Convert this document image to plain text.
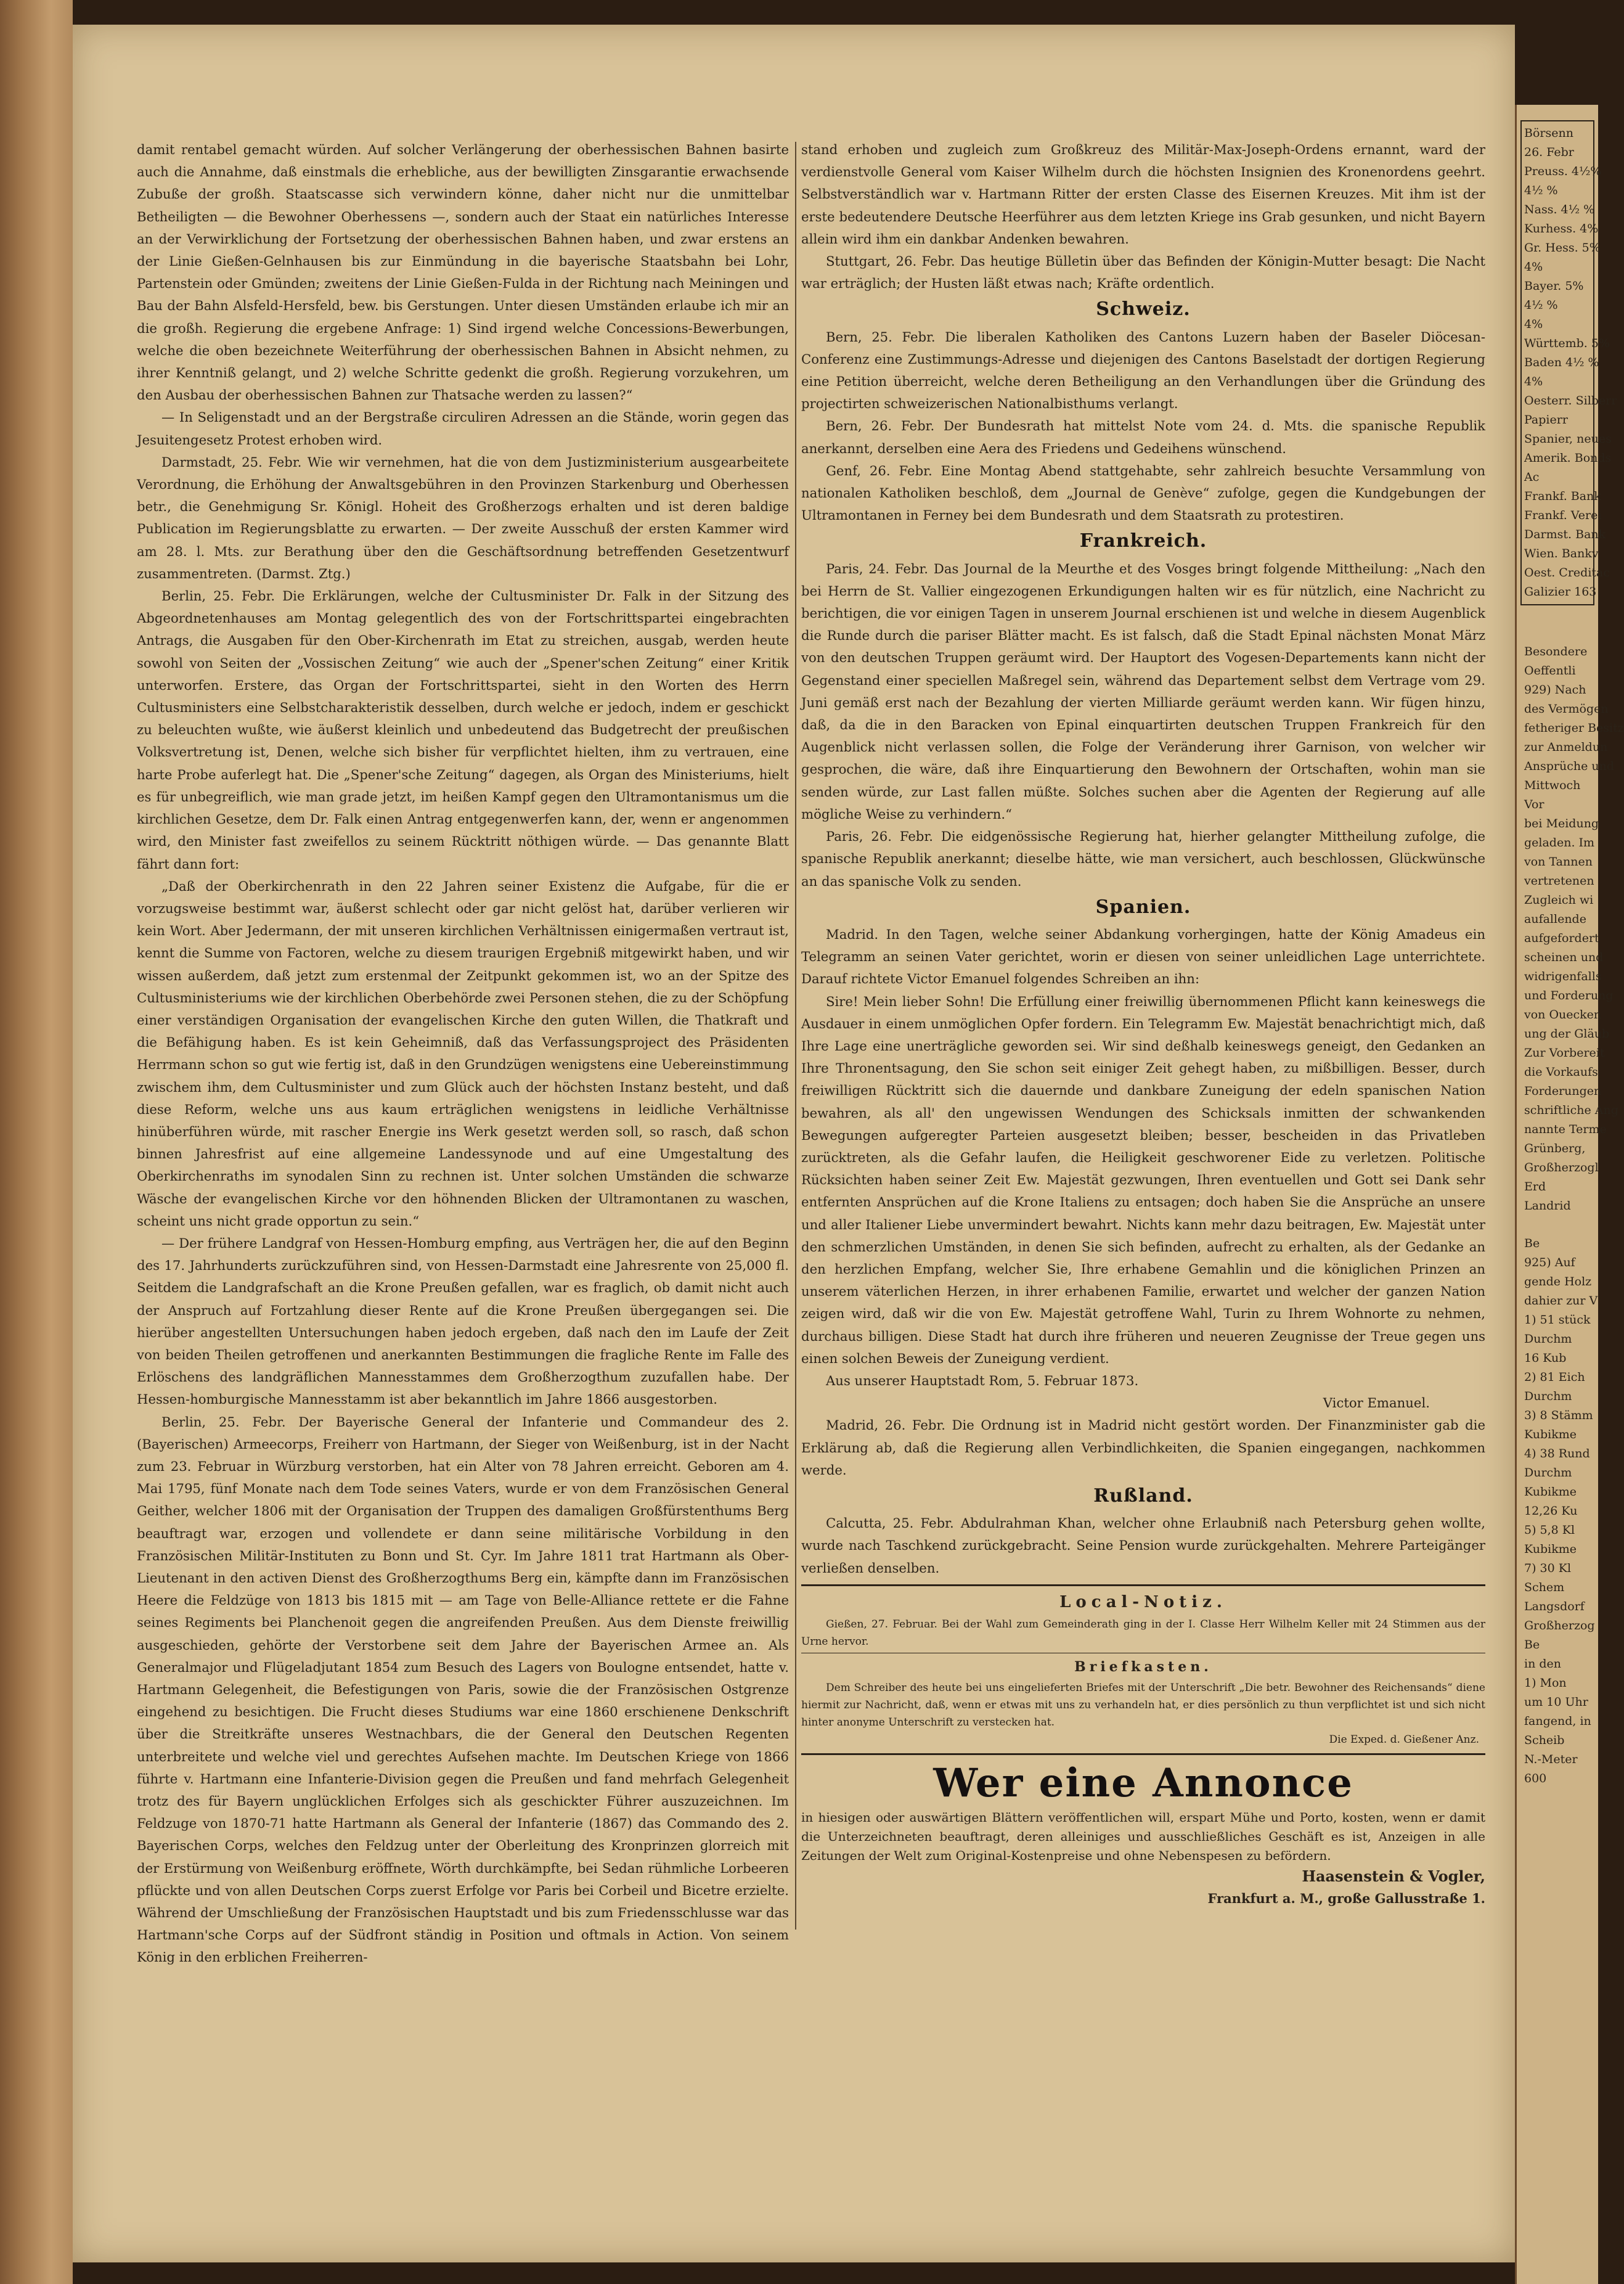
damit rentabel gemacht würden. Auf solcher Verlängerung der oberhessischen Bahnen basirte auch die Annahme, daß einstmals die erhebliche, aus der bewilligten Zinsgarantie erwachsende Zubuße der großh. Staatscasse sich verwindern könne, daher nicht nur die unmittelbar Betheiligten — die Bewohner Oberhessens —, sondern auch der Staat ein natürliches Interesse an der Verwirklichung der Fortsetzung der oberhessischen Bahnen haben, und zwar erstens an der Linie Gießen-Gelnhausen bis zur Einmündung in die bayerische Staatsbahn bei Lohr, Partenstein oder Gmünden; zweitens der Linie Gießen-Fulda in der Richtung nach Meiningen und Bau der Bahn Alsfeld-Hersfeld, bew. bis Gerstungen. Unter diesen Umständen erlaube ich mir an die großh. Regierung die ergebene Anfrage: 1) Sind irgend welche Concessions-Bewerbungen, welche die oben bezeichnete Weiterführung der oberhessischen Bahnen in Absicht nehmen, zu ihrer Kenntniß gelangt, und 2) welche Schritte gedenkt die großh. Regierung vorzukehren, um den Ausbau der oberhessischen Bahnen zur Thatsache werden zu lassen?“

— In Seligenstadt und an der Bergstraße circuliren Adressen an die Stände, worin gegen das Jesuitengesetz Protest erhoben wird.

Darmstadt, 25. Febr. Wie wir vernehmen, hat die von dem Justizministerium ausgearbeitete Verordnung, die Erhöhung der Anwaltsgebühren in den Provinzen Starkenburg und Oberhessen betr., die Genehmigung Sr. Königl. Hoheit des Großherzogs erhalten und ist deren baldige Publication im Regierungsblatte zu erwarten. — Der zweite Ausschuß der ersten Kammer wird am 28. l. Mts. zur Berathung über den die Geschäftsordnung betreffenden Gesetzentwurf zusammentreten. (Darmst. Ztg.)

Berlin, 25. Febr. Die Erklärungen, welche der Cultusminister Dr. Falk in der Sitzung des Abgeordnetenhauses am Montag gelegentlich des von der Fortschrittspartei eingebrachten Antrags, die Ausgaben für den Ober-Kirchenrath im Etat zu streichen, ausgab, werden heute sowohl von Seiten der „Vossischen Zeitung“ wie auch der „Spener'schen Zeitung“ einer Kritik unterworfen. Erstere, das Organ der Fortschrittspartei, sieht in den Worten des Herrn Cultusministers eine Selbstcharakteristik desselben, durch welche er jedoch, indem er geschickt zu beleuchten wußte, wie äußerst kleinlich und unbedeutend das Budgetrecht der preußischen Volksvertretung ist, Denen, welche sich bisher für verpflichtet hielten, ihm zu vertrauen, eine harte Probe auferlegt hat. Die „Spener'sche Zeitung“ dagegen, als Organ des Ministeriums, hielt es für unbegreiflich, wie man grade jetzt, im heißen Kampf gegen den Ultramontanismus um die kirchlichen Gesetze, dem Dr. Falk einen Antrag entgegenwerfen kann, der, wenn er angenommen wird, den Minister fast zweifellos zu seinem Rücktritt nöthigen würde. — Das genannte Blatt fährt dann fort:

„Daß der Oberkirchenrath in den 22 Jahren seiner Existenz die Aufgabe, für die er vorzugsweise bestimmt war, äußerst schlecht oder gar nicht gelöst hat, darüber verlieren wir kein Wort. Aber Jedermann, der mit unseren kirchlichen Verhältnissen einigermaßen vertraut ist, kennt die Summe von Factoren, welche zu diesem traurigen Ergebniß mitgewirkt haben, und wir wissen außerdem, daß jetzt zum erstenmal der Zeitpunkt gekommen ist, wo an der Spitze des Cultusministeriums wie der kirchlichen Oberbehörde zwei Personen stehen, die zu der Schöpfung einer verständigen Organisation der evangelischen Kirche den guten Willen, die Thatkraft und die Befähigung haben. Es ist kein Geheimniß, daß das Verfassungsproject des Präsidenten Herrmann schon so gut wie fertig ist, daß in den Grundzügen wenigstens eine Uebereinstimmung zwischem ihm, dem Cultusminister und zum Glück auch der höchsten Instanz besteht, und daß diese Reform, welche uns aus kaum erträglichen wenigstens in leidliche Verhältnisse hinüberführen würde, mit rascher Energie ins Werk gesetzt werden soll, so rasch, daß schon binnen Jahresfrist auf eine allgemeine Landessynode und auf eine Umgestaltung des Oberkirchenraths im synodalen Sinn zu rechnen ist. Unter solchen Umständen die schwarze Wäsche der evangelischen Kirche vor den höhnenden Blicken der Ultramontanen zu waschen, scheint uns nicht grade opportun zu sein.“

— Der frühere Landgraf von Hessen-Homburg empfing, aus Verträgen her, die auf den Beginn des 17. Jahrhunderts zurückzuführen sind, von Hessen-Darmstadt eine Jahresrente von 25,000 fl. Seitdem die Landgrafschaft an die Krone Preußen gefallen, war es fraglich, ob damit nicht auch der Anspruch auf Fortzahlung dieser Rente auf die Krone Preußen übergegangen sei. Die hierüber angestellten Untersuchungen haben jedoch ergeben, daß nach den im Laufe der Zeit von beiden Theilen getroffenen und anerkannten Bestimmungen die fragliche Rente im Falle des Erlöschens des landgräflichen Mannesstammes dem Großherzogthum zuzufallen habe. Der Hessen-homburgische Mannesstamm ist aber bekanntlich im Jahre 1866 ausgestorben.

Berlin, 25. Febr. Der Bayerische General der Infanterie und Commandeur des 2. (Bayerischen) Armeecorps, Freiherr von Hartmann, der Sieger von Weißenburg, ist in der Nacht zum 23. Februar in Würzburg verstorben, hat ein Alter von 78 Jahren erreicht. Geboren am 4. Mai 1795, fünf Monate nach dem Tode seines Vaters, wurde er von dem Französischen General Geither, welcher 1806 mit der Organisation der Truppen des damaligen Großfürstenthums Berg beauftragt war, erzogen und vollendete er dann seine militärische Vorbildung in den Französischen Militär-Instituten zu Bonn und St. Cyr. Im Jahre 1811 trat Hartmann als Ober-Lieutenant in den activen Dienst des Großherzogthums Berg ein, kämpfte dann im Französischen Heere die Feldzüge von 1813 bis 1815 mit — am Tage von Belle-Alliance rettete er die Fahne seines Regiments bei Planchenoit gegen die angreifenden Preußen. Aus dem Dienste freiwillig ausgeschieden, gehörte der Verstorbene seit dem Jahre der Bayerischen Armee an. Als Generalmajor und Flügeladjutant 1854 zum Besuch des Lagers von Boulogne entsendet, hatte v. Hartmann Gelegenheit, die Befestigungen von Paris, sowie die der Französischen Ostgrenze eingehend zu besichtigen. Die Frucht dieses Studiums war eine 1860 erschienene Denkschrift über die Streitkräfte unseres Westnachbars, die der General den Deutschen Regenten unterbreitete und welche viel und gerechtes Aufsehen machte. Im Deutschen Kriege von 1866 führte v. Hartmann eine Infanterie-Division gegen die Preußen und fand mehrfach Gelegenheit trotz des für Bayern unglücklichen Erfolges sich als geschickter Führer auszuzeichnen. Im Feldzuge von 1870-71 hatte Hartmann als General der Infanterie (1867) das Commando des 2. Bayerischen Corps, welches den Feldzug unter der Oberleitung des Kronprinzen glorreich mit der Erstürmung von Weißenburg eröffnete, Wörth durchkämpfte, bei Sedan rühmliche Lorbeeren pflückte und von allen Deutschen Corps zuerst Erfolge vor Paris bei Corbeil und Bicetre erzielte. Während der Umschließung der Französischen Hauptstadt und bis zum Friedensschlusse war das Hartmann'sche Corps auf der Südfront ständig in Position und oftmals in Action. Von seinem König in den erblichen Freiherren-

stand erhoben und zugleich zum Großkreuz des Militär-Max-Joseph-Ordens ernannt, ward der verdienstvolle General vom Kaiser Wilhelm durch die höchsten Insignien des Kronenordens geehrt. Selbstverständlich war v. Hartmann Ritter der ersten Classe des Eisernen Kreuzes. Mit ihm ist der erste bedeutendere Deutsche Heerführer aus dem letzten Kriege ins Grab gesunken, und nicht Bayern allein wird ihm ein dankbar Andenken bewahren.

Stuttgart, 26. Febr. Das heutige Bülletin über das Befinden der Königin-Mutter besagt: Die Nacht war erträglich; der Husten läßt etwas nach; Kräfte ordentlich.

Schweiz.

Bern, 25. Febr. Die liberalen Katholiken des Cantons Luzern haben der Baseler Diöcesan-Conferenz eine Zustimmungs-Adresse und diejenigen des Cantons Baselstadt der dortigen Regierung eine Petition überreicht, welche deren Betheiligung an den Verhandlungen über die Gründung des projectirten schweizerischen Nationalbisthums verlangt.

Bern, 26. Febr. Der Bundesrath hat mittelst Note vom 24. d. Mts. die spanische Republik anerkannt, derselben eine Aera des Friedens und Gedeihens wünschend.

Genf, 26. Febr. Eine Montag Abend stattgehabte, sehr zahlreich besuchte Versammlung von nationalen Katholiken beschloß, dem „Journal de Genève“ zufolge, gegen die Kundgebungen der Ultramontanen in Ferney bei dem Bundesrath und dem Staatsrath zu protestiren.

Frankreich.

Paris, 24. Febr. Das Journal de la Meurthe et des Vosges bringt folgende Mittheilung: „Nach den bei Herrn de St. Vallier eingezogenen Erkundigungen halten wir es für nützlich, eine Nachricht zu berichtigen, die vor einigen Tagen in unserem Journal erschienen ist und welche in diesem Augenblick die Runde durch die pariser Blätter macht. Es ist falsch, daß die Stadt Epinal nächsten Monat März von den deutschen Truppen geräumt wird. Der Hauptort des Vogesen-Departements kann nicht der Gegenstand einer speciellen Maßregel sein, während das Departement selbst dem Vertrage vom 29. Juni gemäß erst nach der Bezahlung der vierten Milliarde geräumt werden kann. Wir fügen hinzu, daß, da die in den Baracken von Epinal einquartirten deutschen Truppen Frankreich für den Augenblick nicht verlassen sollen, die Folge der Veränderung ihrer Garnison, von welcher wir gesprochen, die wäre, daß ihre Einquartierung den Bewohnern der Ortschaften, wohin man sie senden würde, zur Last fallen müßte. Solches suchen aber die Agenten der Regierung auf alle mögliche Weise zu verhindern.“

Paris, 26. Febr. Die eidgenössische Regierung hat, hierher gelangter Mittheilung zufolge, die spanische Republik anerkannt; dieselbe hätte, wie man versichert, auch beschlossen, Glückwünsche an das spanische Volk zu senden.

Spanien.

Madrid. In den Tagen, welche seiner Abdankung vorhergingen, hatte der König Amadeus ein Telegramm an seinen Vater gerichtet, worin er diesen von seiner unleidlichen Lage unterrichtete. Darauf richtete Victor Emanuel folgendes Schreiben an ihn:

Sire! Mein lieber Sohn! Die Erfüllung einer freiwillig übernommenen Pflicht kann keineswegs die Ausdauer in einem unmöglichen Opfer fordern. Ein Telegramm Ew. Majestät benachrichtigt mich, daß Ihre Lage eine unerträgliche geworden sei. Wir sind deßhalb keineswegs geneigt, den Gedanken an Ihre Thronentsagung, den Sie schon seit einiger Zeit gehegt haben, zu mißbilligen. Besser, durch freiwilligen Rücktritt sich die dauernde und dankbare Zuneigung der edeln spanischen Nation bewahren, als all' den ungewissen Wendungen des Schicksals inmitten der schwankenden Bewegungen aufgeregter Parteien ausgesetzt bleiben; besser, bescheiden in das Privatleben zurücktreten, als die Gefahr laufen, die Heiligkeit geschworener Eide zu verletzen. Politische Rücksichten haben seiner Zeit Ew. Majestät gezwungen, Ihren eventuellen und Gott sei Dank sehr entfernten Ansprüchen auf die Krone Italiens zu entsagen; doch haben Sie die Ansprüche an unsere und aller Italiener Liebe unvermindert bewahrt. Nichts kann mehr dazu beitragen, Ew. Majestät unter den schmerzlichen Umständen, in denen Sie sich befinden, aufrecht zu erhalten, als der Gedanke an den herzlichen Empfang, welcher Sie, Ihre erhabene Gemahlin und die königlichen Prinzen an unserem väterlichen Herzen, in ihrer erhabenen Familie, erwartet und welcher der ganzen Nation zeigen wird, daß wir die von Ew. Majestät getroffene Wahl, Turin zu Ihrem Wohnorte zu nehmen, durchaus billigen. Diese Stadt hat durch ihre früheren und neueren Zeugnisse der Treue gegen uns einen solchen Beweis der Zuneigung verdient.

Aus unserer Hauptstadt Rom, 5. Februar 1873.

Victor Emanuel.

Madrid, 26. Febr. Die Ordnung ist in Madrid nicht gestört worden. Der Finanzminister gab die Erklärung ab, daß die Regierung allen Verbindlichkeiten, die Spanien eingegangen, nachkommen werde.

Rußland.

Calcutta, 25. Febr. Abdulrahman Khan, welcher ohne Erlaubniß nach Petersburg gehen wollte, wurde nach Taschkend zurückgebracht. Seine Pension wurde zurückgehalten. Mehrere Parteigänger verließen denselben.

Local-Notiz.

Gießen, 27. Februar. Bei der Wahl zum Gemeinderath ging in der I. Classe Herr Wilhelm Keller mit 24 Stimmen aus der Urne hervor.

Briefkasten.

Dem Schreiber des heute bei uns eingelieferten Briefes mit der Unterschrift „Die betr. Bewohner des Reichensands“ diene hiermit zur Nachricht, daß, wenn er etwas mit uns zu verhandeln hat, er dies persönlich zu thun verpflichtet ist und sich nicht hinter anonyme Unterschrift zu verstecken hat.

Die Exped. d. Gießener Anz.

Wer eine Annonce

in hiesigen oder auswärtigen Blättern veröffentlichen will, erspart Mühe und Porto, kosten, wenn er damit die Unterzeichneten beauftragt, deren alleiniges und ausschließliches Geschäft es ist, Anzeigen in alle Zeitungen der Welt zum Original-Kostenpreise und ohne Nebenspesen zu befördern.

Haasenstein & Vogler,

Frankfurt a. M., große Gallusstraße 1.

Börsenn

26. Febr

Preuss. 4½%

4½ %

Nass. 4½ %

Kurhess. 4%

Gr. Hess. 5%

4%

Bayer. 5%

4½ %

4%

Württemb. 5%

Baden 4½ %

4%

Oesterr. Silberr

Papierr

Spanier, neues

Amerik. Bonds

Ac

Frankf. Bank

Frankf. Verei

Darmst. Bank

Wien. Bankv

Oest. Creditac

Galizier 163

Besondere

Oeffentli

929) Nach

des Vermögen

fetheriger Besitz

zur Anmeldun

Ansprüche und

Mittwoch

Vor

bei Meidung

geladen. Im

von Tannen

vertretenen

Zugleich wi

aufallende

aufgefordert

scheinen und

widrigenfalls

und Forderung

von Ouecken

ung der Gläub

Zur Vorbereit

die Vorkaufs

Forderungen

schriftliche Ang

nannte Terme

Grünberg,

Großherzogl

Erd

Landrid

Be

925) Auf

gende Holz

dahier zur V

1) 51 stück

Durchm

16 Kub

2) 81 Eich

Durchm

3) 8 Stämm

Kubikme

4) 38 Rund

Durchm

Kubikme

12,26 Ku

5) 5,8 Kl

Kubikme

7) 30 Kl

Schem

Langsdorf

Großherzog

Be

in den

1) Mon

um 10 Uhr

fangend, in

Scheib

N.-Meter

600
